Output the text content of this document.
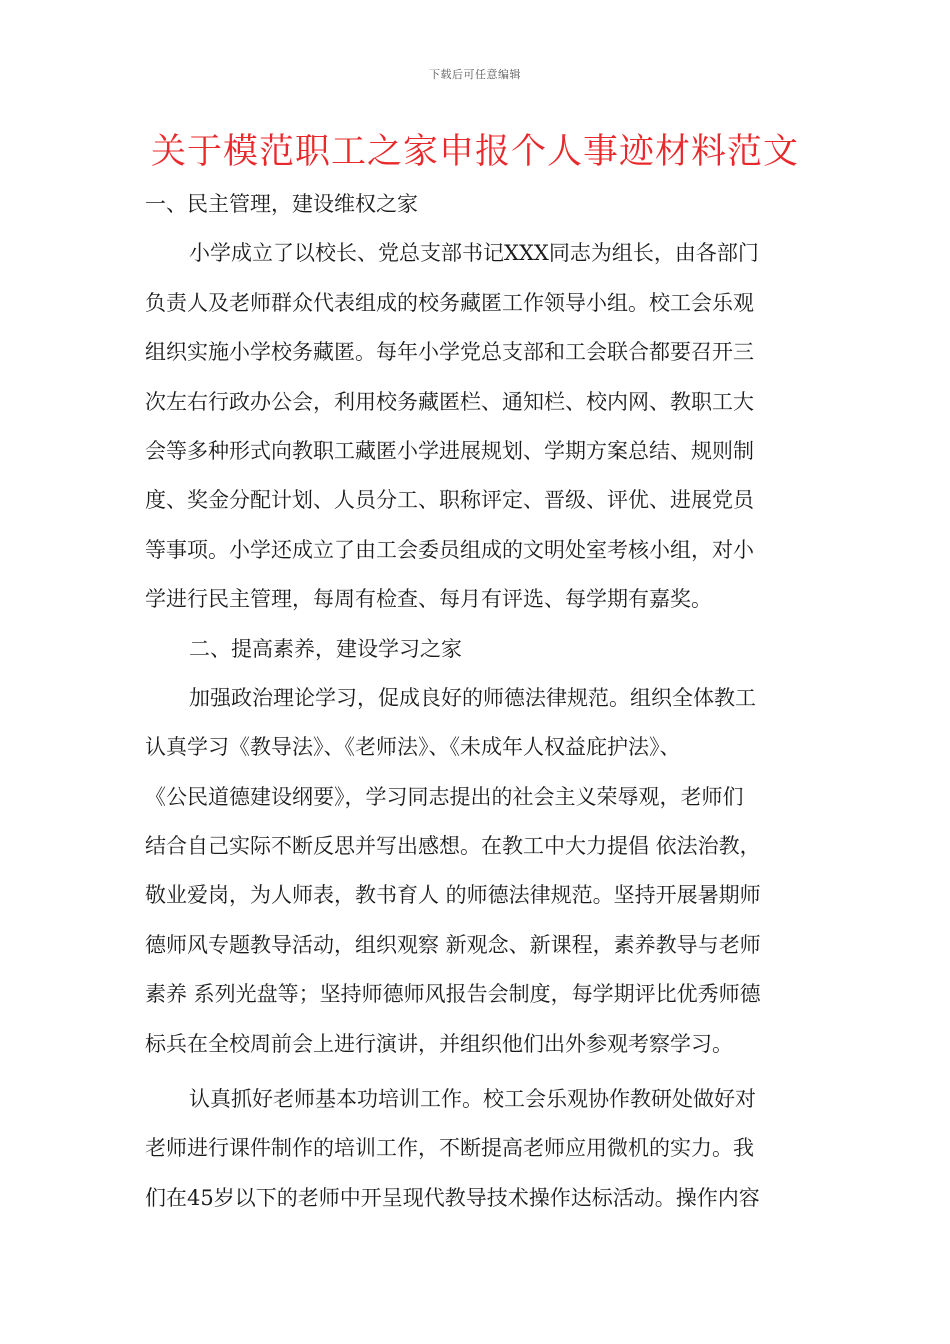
下载后可任意编辑
关于模范职工之家申报个人事迹材料范文
一、民主管理，建设维权之家
小学成立了以校长、党总支部书记XXX同志为组长，由各部门
负责人及老师群众代表组成的校务藏匿工作领导小组。校工会乐观
组织实施小学校务藏匿。每年小学党总支部和工会联合都要召开三
次左右行政办公会，利用校务藏匿栏、通知栏、校内网、教职工大
会等多种形式向教职工藏匿小学进展规划、学期方案总结、规则制
度、奖金分配计划、人员分工、职称评定、晋级、评优、进展党员
等事项。小学还成立了由工会委员组成的文明处室考核小组，对小
学进行民主管理，每周有检查、每月有评选、每学期有嘉奖。
二、提高素养，建设学习之家
加强政治理论学习，促成良好的师德法律规范。组织全体教工
认真学习《教导法》、《老师法》、《未成年人权益庇护法》、
《公民道德建设纲要》，学习同志提出的社会主义荣辱观，老师们
结合自己实际不断反思并写出感想。在教工中大力提倡 依法治教，
敬业爱岗，为人师表，教书育人 的师德法律规范。坚持开展暑期师
德师风专题教导活动，组织观察 新观念、新课程，素养教导与老师
素养 系列光盘等；坚持师德师风报告会制度，每学期评比优秀师德
标兵在全校周前会上进行演讲，并组织他们出外参观考察学习。
认真抓好老师基本功培训工作。校工会乐观协作教研处做好对
老师进行课件制作的培训工作，不断提高老师应用微机的实力。我
们在45岁以下的老师中开呈现代教导技术操作达标活动。操作内容
